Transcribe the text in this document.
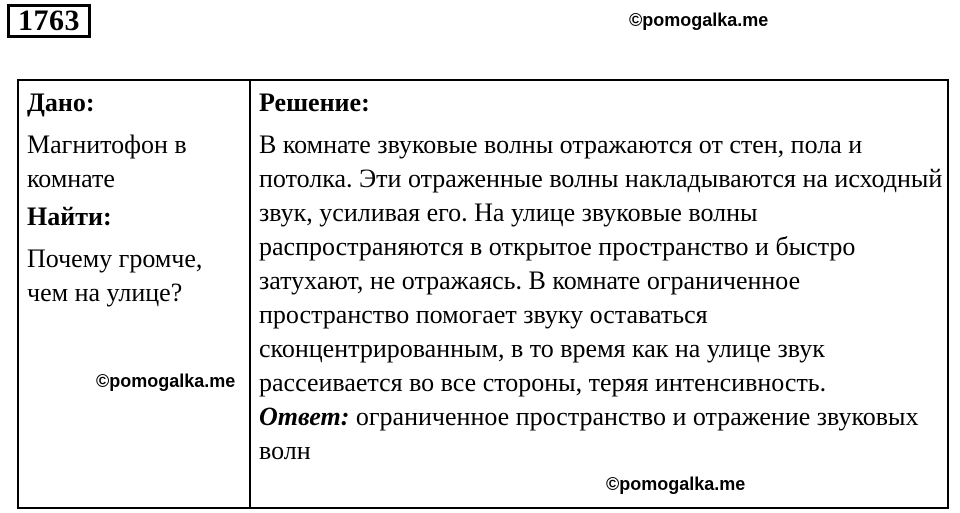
1763	©pomogalka.me

Дано:

Магнитофон в комнате

Найти:

Почему громче, чем на улице?

Решение:

В комнате звуковые волны отражаются от стен, пола и потолка. Эти отраженные волны накладываются на исходный звук, усиливая его. На улице звуковые волны распространяются в открытое пространство и быстро затухают, не отражаясь. В комнате ограниченное пространство помогает звуку оставаться сконцентрированным, в то время как на улице звук рассеивается во все стороны, теряя интенсивность.

Ответ: ограниченное пространство и отражение звуковых волн

©pomogalka.me
©pomogalka.me
